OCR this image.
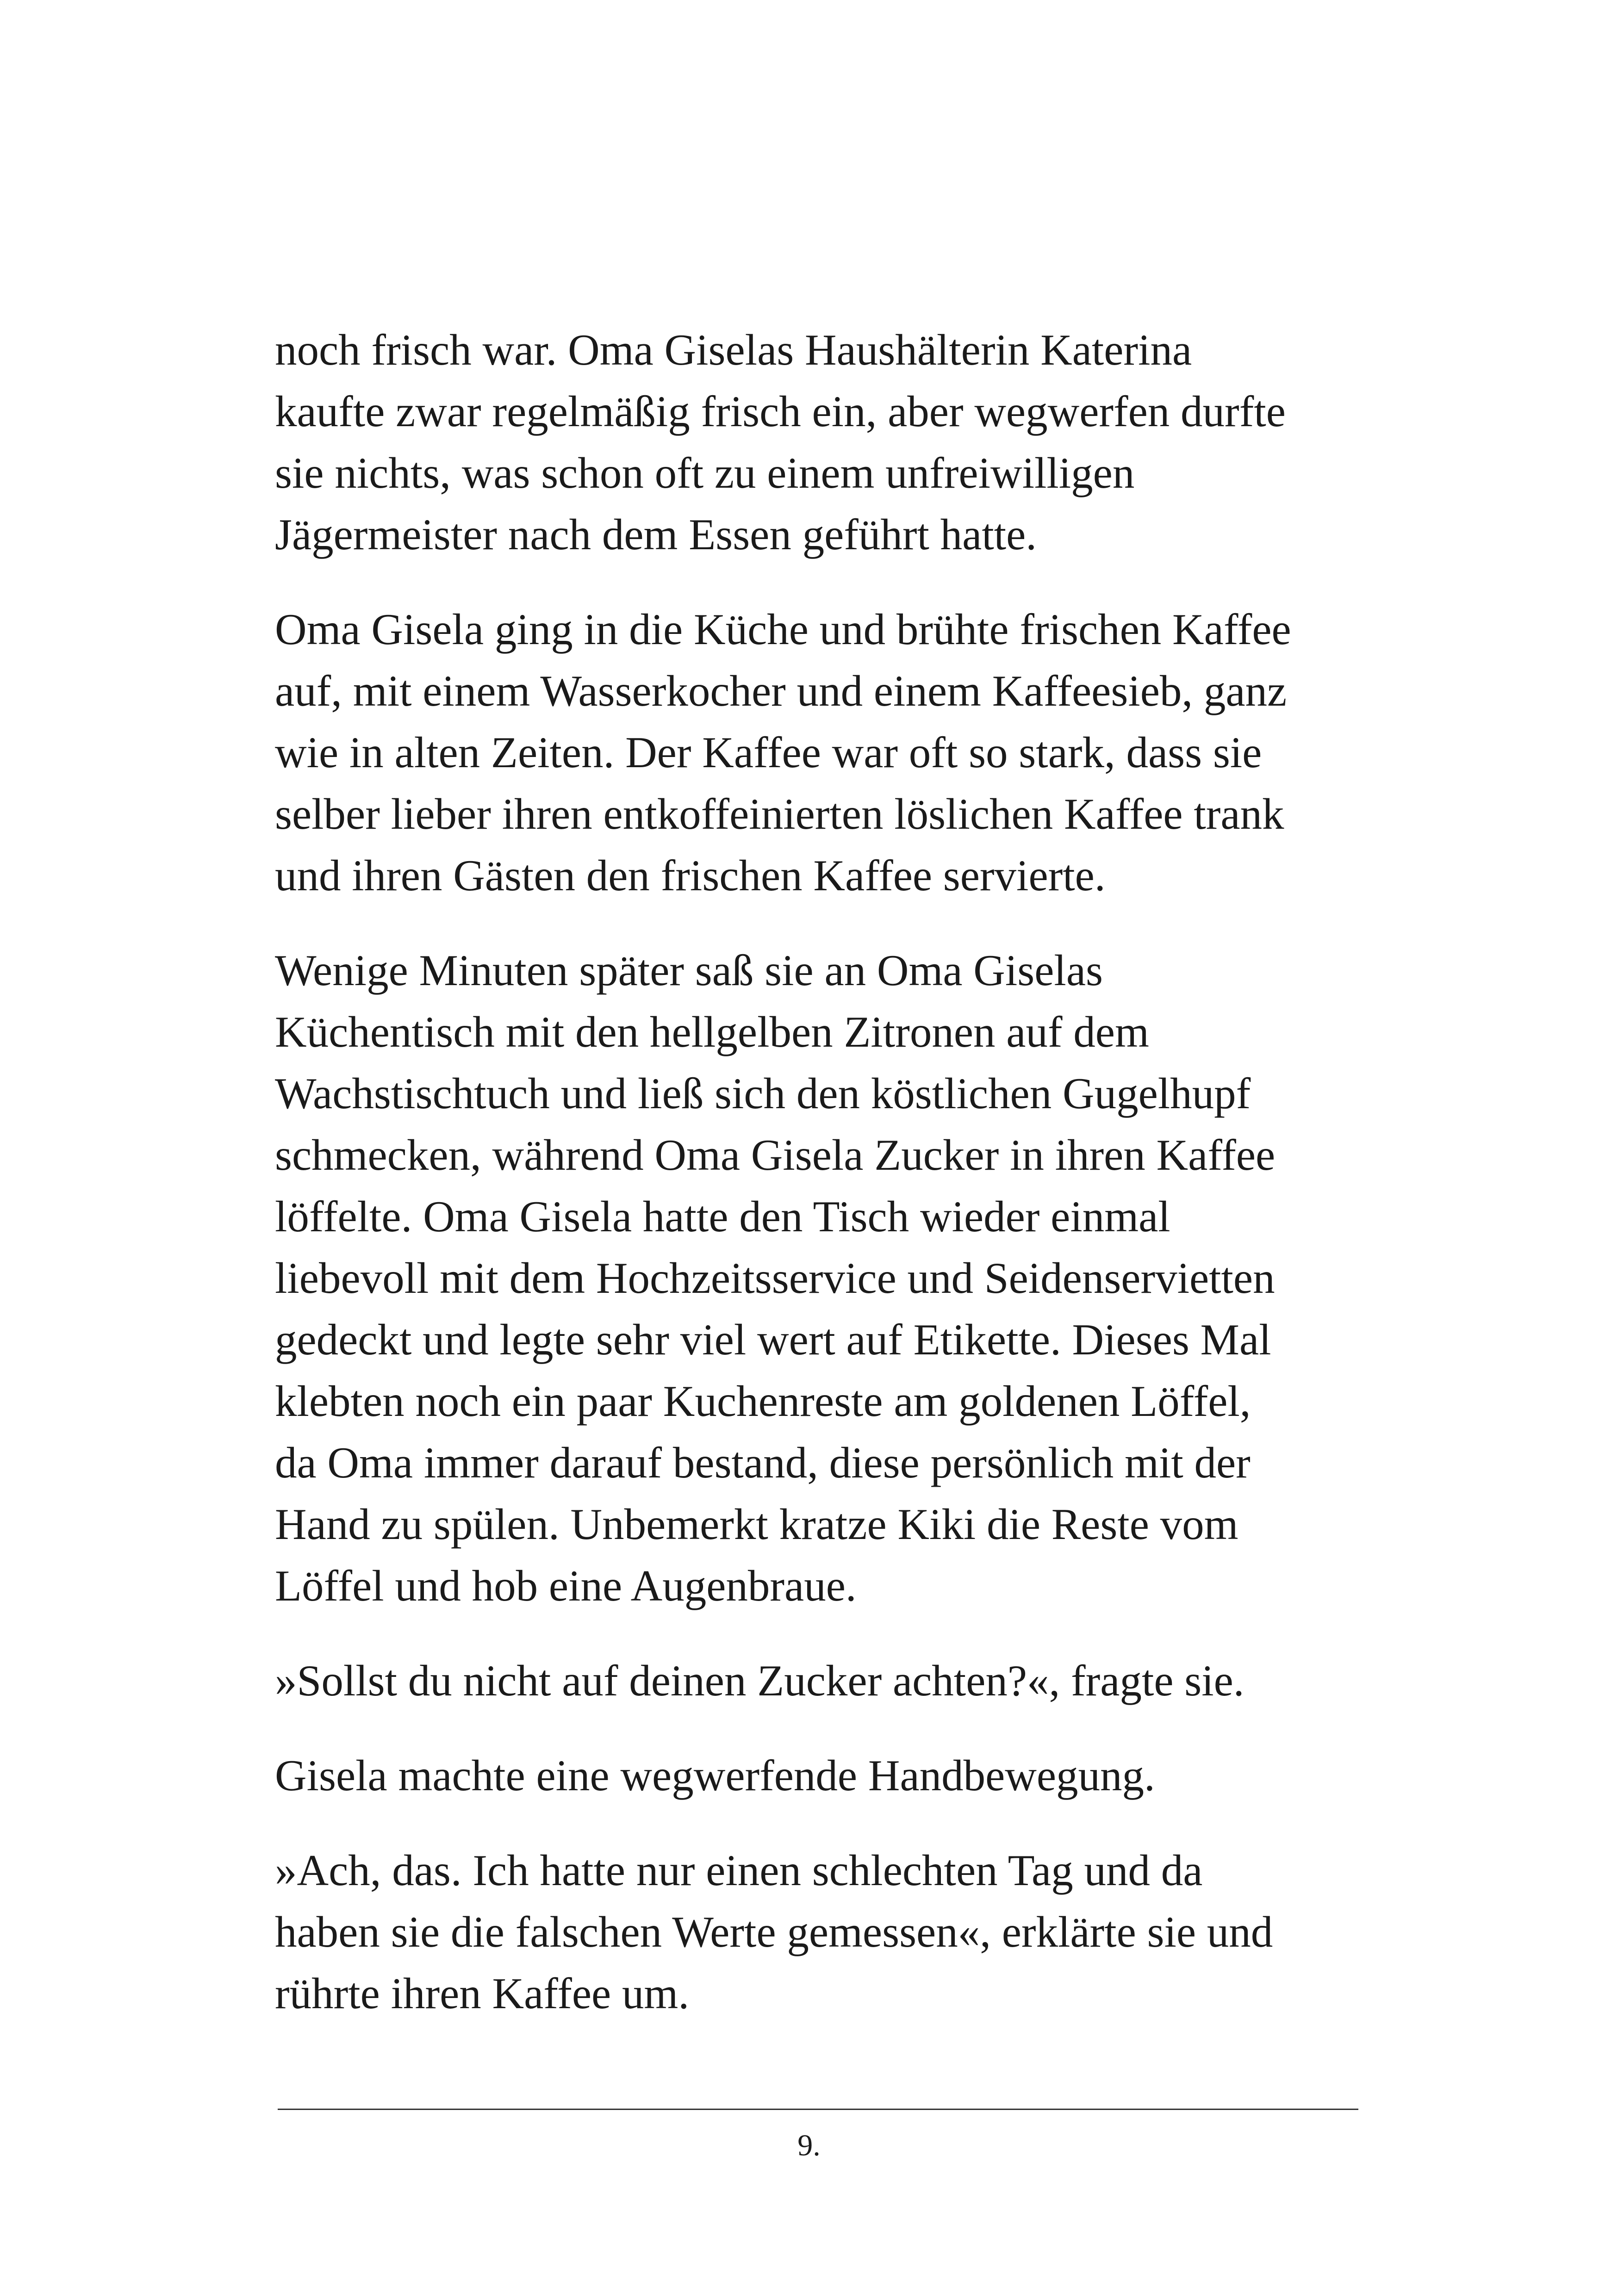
noch frisch war. Oma Giselas Haushälterin Katerina
kaufte zwar regelmäßig frisch ein, aber wegwerfen durfte
sie nichts, was schon oft zu einem unfreiwilligen
Jägermeister nach dem Essen geführt hatte.

Oma Gisela ging in die Küche und brühte frischen Kaffee
auf, mit einem Wasserkocher und einem Kaffeesieb, ganz
wie in alten Zeiten. Der Kaffee war oft so stark, dass sie
selber lieber ihren entkoffeinierten löslichen Kaffee trank
und ihren Gästen den frischen Kaffee servierte.

Wenige Minuten später saß sie an Oma Giselas
Küchentisch mit den hellgelben Zitronen auf dem
Wachstischtuch und ließ sich den köstlichen Gugelhupf
schmecken, während Oma Gisela Zucker in ihren Kaffee
löffelte. Oma Gisela hatte den Tisch wieder einmal
liebevoll mit dem Hochzeitsservice und Seidenservietten
gedeckt und legte sehr viel wert auf Etikette. Dieses Mal
klebten noch ein paar Kuchenreste am goldenen Löffel,
da Oma immer darauf bestand, diese persönlich mit der
Hand zu spülen. Unbemerkt kratze Kiki die Reste vom
Löffel und hob eine Augenbraue.

»Sollst du nicht auf deinen Zucker achten?«, fragte sie.

Gisela machte eine wegwerfende Handbewegung.

»Ach, das. Ich hatte nur einen schlechten Tag und da
haben sie die falschen Werte gemessen«, erklärte sie und
rührte ihren Kaffee um.

9.
